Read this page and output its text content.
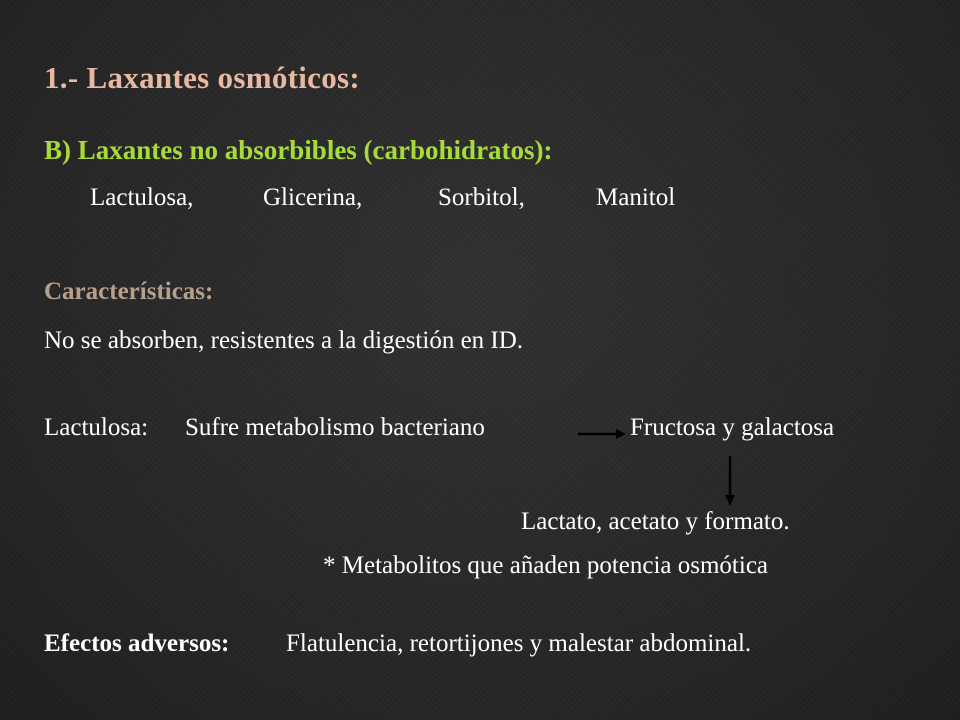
1.- Laxantes osmóticos:
B) Laxantes no absorbibles (carbohidratos):
Lactulosa,	Glicerina,	Sorbitol,	Manitol
Características:
No se absorben, resistentes a la digestión en ID.
Lactulosa: Sufre metabolismo bacteriano	Fructosa y galactosa
Lactato, acetato y formato.
* Metabolitos que añaden potencia osmótica
Efectos adversos: Flatulencia, retortijones y malestar abdominal.
